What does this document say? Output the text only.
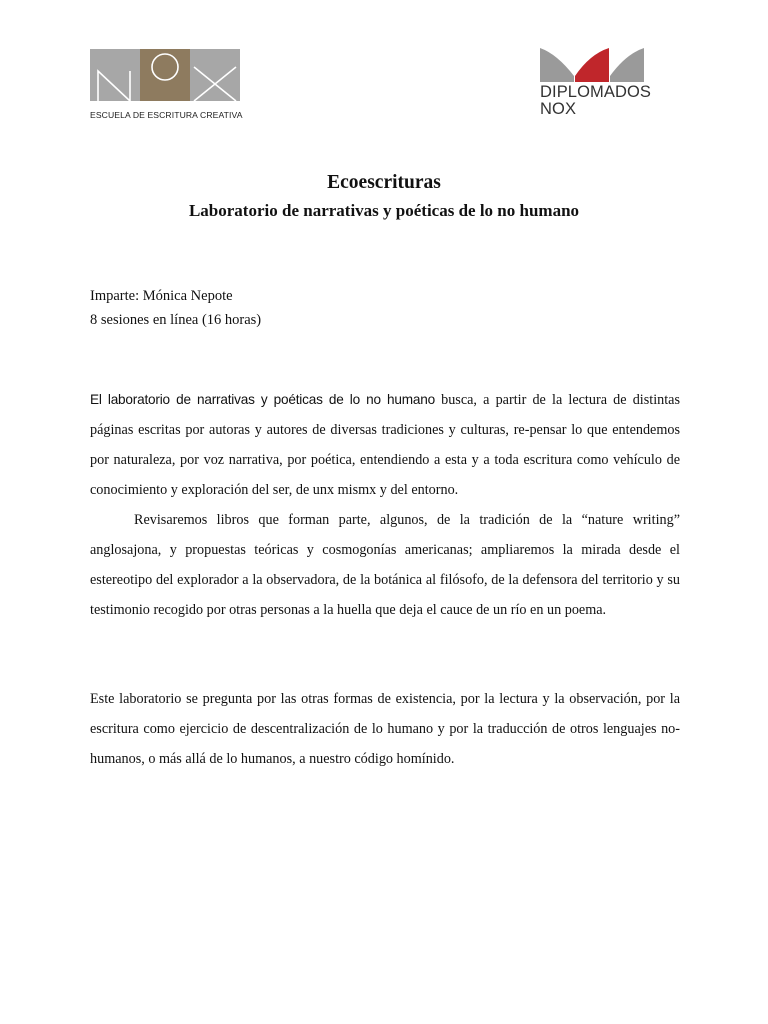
ESCUELA DE ESCRITURA CREATIVA
DIPLOMADOS
NOX
Ecoescrituras
Laboratorio de narrativas y poéticas de lo no humano
Imparte: Mónica Nepote
8 sesiones en línea (16 horas)

El laboratorio de narrativas y poéticas de lo no humano busca, a partir de la lectura de distintas páginas escritas por autoras y autores de diversas tradiciones y culturas, re-pensar lo que entendemos por naturaleza, por voz narrativa, por poética, entendiendo a esta y a toda escritura como vehículo de conocimiento y exploración del ser, de unx mismx y del entorno.

Revisaremos libros que forman parte, algunos, de la tradición de la “nature writing” anglosajona, y propuestas teóricas y cosmogonías americanas; ampliaremos la mirada desde el estereotipo del explorador a la observadora, de la botánica al filósofo, de la defensora del territorio y su testimonio recogido por otras personas a la huella que deja el cauce de un río en un poema.

Este laboratorio se pregunta por las otras formas de existencia, por la lectura y la observación, por la escritura como ejercicio de descentralización de lo humano y por la traducción de otros lenguajes no-humanos, o más allá de lo humanos, a nuestro código homínido.
